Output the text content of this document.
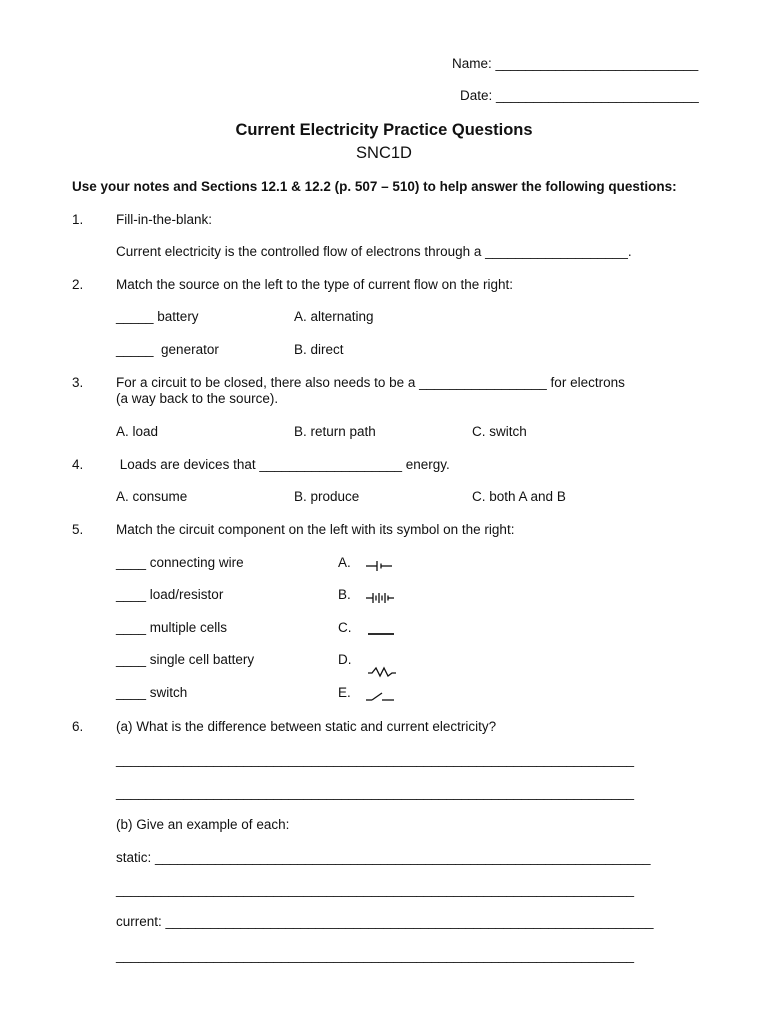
Name: ___________________________
Date: ___________________________
Current Electricity Practice Questions
SNC1D
Use your notes and Sections 12.1 & 12.2 (p. 507 – 510) to help answer the following questions:
1. Fill-in-the-blank:
Current electricity is the controlled flow of electrons through a ___________________.
2. Match the source on the left to the type of current flow on the right:
_____ battery	A. alternating
_____  generator	B. direct
3. For a circuit to be closed, there also needs to be a _________________ for electrons
(a way back to the source).
A. load	B. return path	C. switch
4. Loads are devices that ___________________ energy.
A. consume	B. produce	C. both A and B
5. Match the circuit component on the left with its symbol on the right:
____ connecting wire	A.
____ load/resistor	B.
____ multiple cells	C.
____ single cell battery	D.
____ switch	E.
6. (a) What is the difference between static and current electricity?
_____________________________________________________________________
_____________________________________________________________________
(b) Give an example of each:
static: __________________________________________________________________
_____________________________________________________________________
current: _________________________________________________________________
_____________________________________________________________________
